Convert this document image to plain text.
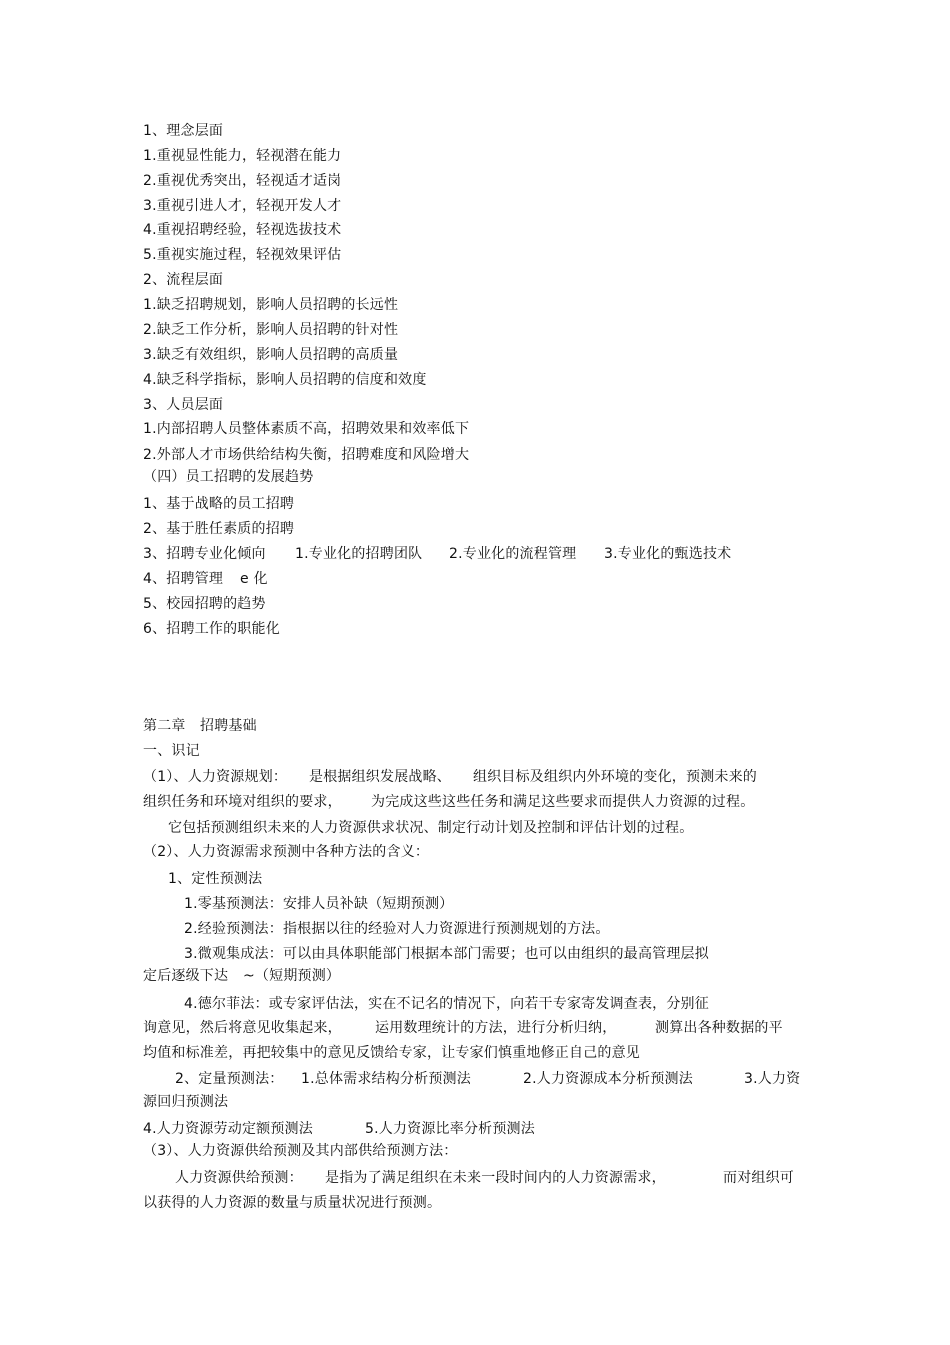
1、理念层面
1.重视显性能力，轻视潜在能力
2.重视优秀突出，轻视适才适岗
3.重视引进人才，轻视开发人才
4.重视招聘经验，轻视选拔技术
5.重视实施过程，轻视效果评估
2、流程层面
1.缺乏招聘规划，影响人员招聘的长远性
2.缺乏工作分析，影响人员招聘的针对性
3.缺乏有效组织，影响人员招聘的高质量
4.缺乏科学指标，影响人员招聘的信度和效度
3、人员层面
1.内部招聘人员整体素质不高，招聘效果和效率低下
2.外部人才市场供给结构失衡，招聘难度和风险增大
（四）员工招聘的发展趋势
1、基于战略的员工招聘
2、基于胜任素质的招聘
3、招聘专业化倾向 1.专业化的招聘团队 2.专业化的流程管理 3.专业化的甄选技术
4、招聘管理 e 化
5、校园招聘的趋势
6、招聘工作的职能化
第二章 招聘基础
一、识记
（1）、人力资源规划： 是根据组织发展战略、 组织目标及组织内外环境的变化，预测未来的
组织任务和环境对组织的要求， 为完成这些这些任务和满足这些要求而提供人力资源的过程。
它包括预测组织未来的人力资源供求状况、制定行动计划及控制和评估计划的过程。
（2）、人力资源需求预测中各种方法的含义：
1、定性预测法
1.零基预测法：安排人员补缺（短期预测）
2.经验预测法：指根据以往的经验对人力资源进行预测规划的方法。
3.微观集成法：可以由具体职能部门根据本部门需要；也可以由组织的最高管理层拟
定后逐级下达 ~（短期预测）
4.德尔菲法：或专家评估法，实在不记名的情况下，向若干专家寄发调查表，分别征
询意见，然后将意见收集起来， 运用数理统计的方法，进行分析归纳，	测算出各种数据的平
均值和标准差，再把较集中的意见反馈给专家，让专家们慎重地修正自己的意见
2、定量预测法： 1.总体需求结构分析预测法	2.人力资源成本分析预测法	3.人力资
源回归预测法
4.人力资源劳动定额预测法	5.人力资源比率分析预测法
（3）、人力资源供给预测及其内部供给预测方法：
人力资源供给预测： 是指为了满足组织在未来一段时间内的人力资源需求，	而对组织可
以获得的人力资源的数量与质量状况进行预测。
